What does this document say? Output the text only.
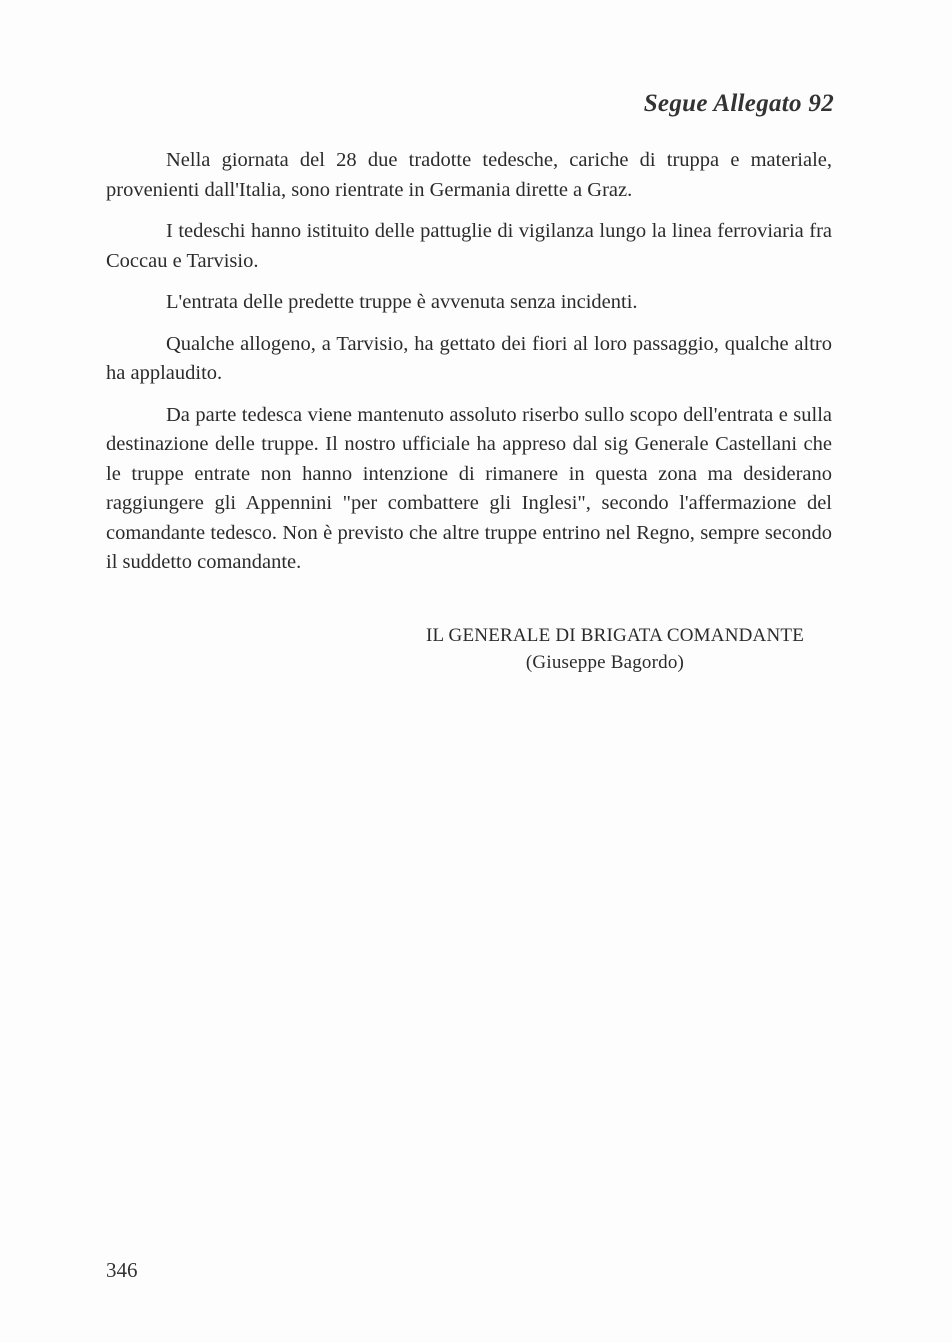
Segue Allegato 92

Nella giornata del 28 due tradotte tedesche, cariche di truppa e materiale, provenienti dall'Italia, sono rientrate in Germania dirette a Graz.

I tedeschi hanno istituito delle pattuglie di vigilanza lungo la linea ferroviaria fra Coccau e Tarvisio.

L'entrata delle predette truppe è avvenuta senza incidenti.

Qualche allogeno, a Tarvisio, ha gettato dei fiori al loro passaggio, qualche altro ha applaudito.

Da parte tedesca viene mantenuto assoluto riserbo sullo scopo dell'entrata e sulla destinazione delle truppe. Il nostro ufficiale ha appreso dal sig Generale Castellani che le truppe entrate non hanno intenzione di rimanere in questa zona ma desiderano raggiungere gli Appennini "per combattere gli Inglesi", secondo l'affermazione del comandante tedesco. Non è previsto che altre truppe entrino nel Regno, sempre secondo il suddetto comandante.

IL GENERALE DI BRIGATA COMANDANTE
(Giuseppe Bagordo)
346
